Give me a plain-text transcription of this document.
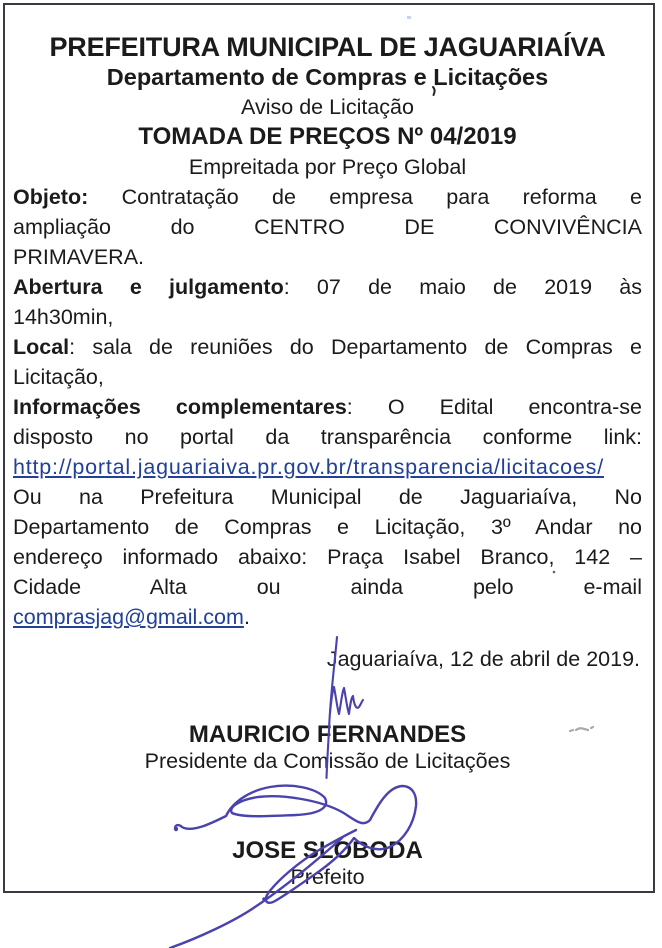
PREFEITURA MUNICIPAL DE JAGUARIAÍVA
Departamento de Compras e Licitações
Aviso de Licitação
TOMADA DE PREÇOS Nº 04/2019
Empreitada por Preço Global
Objeto: Contratação de empresa para reforma e
ampliação do CENTRO DE CONVIVÊNCIA
PRIMAVERA.
Abertura e julgamento: 07 de maio de 2019 às
14h30min,
Local: sala de reuniões do Departamento de Compras e
Licitação,
Informações complementares: O Edital encontra-se
disposto no portal da transparência conforme link:
http://portal.jaguariaiva.pr.gov.br/transparencia/licitacoes/
Ou na Prefeitura Municipal de Jaguariaíva, No
Departamento de Compras e Licitação, 3º Andar no
endereço informado abaixo: Praça Isabel Branco, 142 –
Cidade Alta ou ainda pelo e-mail
comprasjag@gmail.com.
Jaguariaíva, 12 de abril de 2019.
MAURICIO FERNANDES
Presidente da Comissão de Licitações
JOSE SLOBODA
Prefeito
